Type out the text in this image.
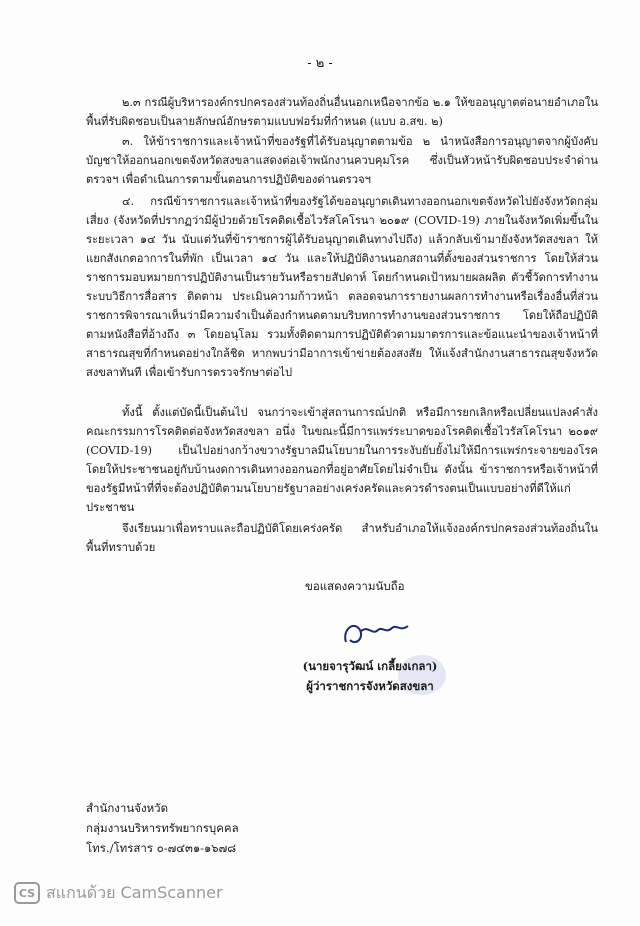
- ๒ -
๒.๓ กรณีผู้บริหารองค์กรปกครองส่วนท้องถิ่นอื่นนอกเหนือจากข้อ ๒.๑ ให้ขออนุญาตต่อนายอำเภอในพื้นที่รับผิดชอบเป็นลายลักษณ์อักษรตามแบบฟอร์มที่กำหนด (แบบ อ.สข. ๒)
๓. ให้ข้าราชการและเจ้าหน้าที่ของรัฐที่ได้รับอนุญาตตามข้อ ๒ นำหนังสือการอนุญาตจากผู้บังคับบัญชาให้ออกนอกเขตจังหวัดสงขลาแสดงต่อเจ้าพนักงานควบคุมโรค ซึ่งเป็นหัวหน้ารับผิดชอบประจำด่านตรวจฯ เพื่อดำเนินการตามขั้นตอนการปฏิบัติของด่านตรวจฯ
๔. กรณีข้าราชการและเจ้าหน้าที่ของรัฐได้ขออนุญาตเดินทางออกนอกเขตจังหวัดไปยังจังหวัดกลุ่มเสี่ยง (จังหวัดที่ปรากฏว่ามีผู้ป่วยด้วยโรคติดเชื้อไวรัสโคโรนา ๒๐๑๙ (COVID-19) ภายในจังหวัดเพิ่มขึ้นในระยะเวลา ๑๔ วัน นับแต่วันที่ข้าราชการผู้ได้รับอนุญาตเดินทางไปถึง) แล้วกลับเข้ามายังจังหวัดสงขลา ให้แยกสังเกตอาการในที่พัก เป็นเวลา ๑๔ วัน และให้ปฏิบัติงานนอกสถานที่ตั้งของส่วนราชการ โดยให้ส่วนราชการมอบหมายการปฏิบัติงานเป็นรายวันหรือรายสัปดาห์ โดยกำหนดเป้าหมายผลผลิต ตัวชี้วัดการทำงาน ระบบวิธีการสื่อสาร ติดตาม ประเมินความก้าวหน้า ตลอดจนการรายงานผลการทำงานหรือเรื่องอื่นที่ส่วนราชการพิจารณาเห็นว่ามีความจำเป็นต้องกำหนดตามบริบทการทำงานของส่วนราชการ โดยให้ถือปฏิบัติตามหนังสือที่อ้างถึง ๓ โดยอนุโลม รวมทั้งติดตามการปฏิบัติตัวตามมาตรการและข้อแนะนำของเจ้าหน้าที่สาธารณสุขที่กำหนดอย่างใกล้ชิด หากพบว่ามีอาการเข้าข่ายต้องสงสัย ให้แจ้งสำนักงานสาธารณสุขจังหวัดสงขลาทันที เพื่อเข้ารับการตรวจรักษาต่อไป
ทั้งนี้ ตั้งแต่บัดนี้เป็นต้นไป จนกว่าจะเข้าสู่สถานการณ์ปกติ หรือมีการยกเลิกหรือเปลี่ยนแปลงคำสั่งคณะกรรมการโรคติดต่อจังหวัดสงขลา อนึ่ง ในขณะนี้มีการแพร่ระบาดของโรคติดเชื้อไวรัสโคโรนา ๒๐๑๙ (COVID-19) เป็นไปอย่างกว้างขวางรัฐบาลมีนโยบายในการระงับยับยั้งไม่ให้มีการแพร่กระจายของโรค โดยให้ประชาชนอยู่กับบ้านงดการเดินทางออกนอกที่อยู่อาศัยโดยไม่จำเป็น ดังนั้น ข้าราชการหรือเจ้าหน้าที่ของรัฐมีหน้าที่ที่จะต้องปฏิบัติตามนโยบายรัฐบาลอย่างเคร่งครัดและควรดำรงตนเป็นแบบอย่างที่ดีให้แก่ประชาชน
จึงเรียนมาเพื่อทราบและถือปฏิบัติโดยเคร่งครัด สำหรับอำเภอให้แจ้งองค์กรปกครองส่วนท้องถิ่นในพื้นที่ทราบด้วย
ขอแสดงความนับถือ
(นายจารุวัฒน์ เกลี้ยงเกลา)
ผู้ว่าราชการจังหวัดสงขลา
สำนักงานจังหวัด
กลุ่มงานบริหารทรัพยากรบุคคล
โทร./โทรสาร ๐-๗๔๓๑-๑๖๗๘
CS สแกนด้วย CamScanner
